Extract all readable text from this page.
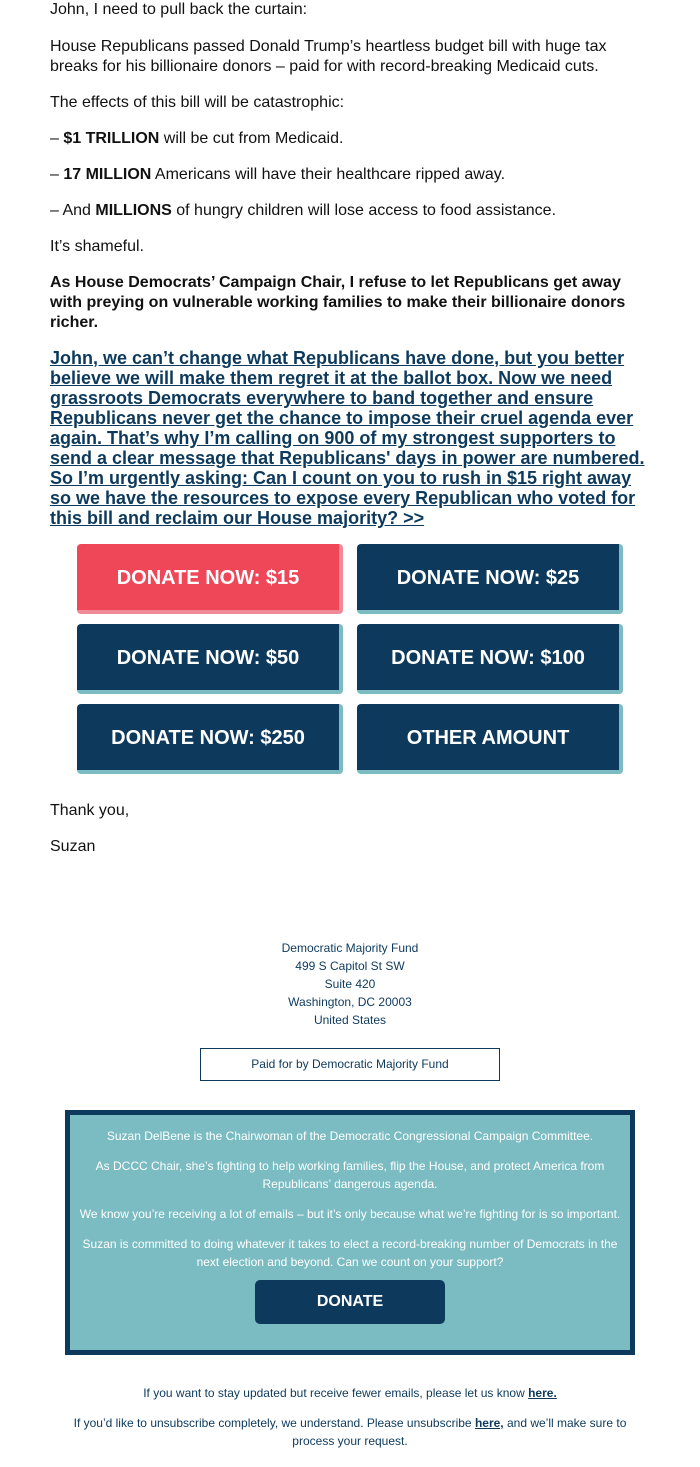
John, I need to pull back the curtain:

House Republicans passed Donald Trump’s heartless budget bill with huge tax breaks for his billionaire donors – paid for with record-breaking Medicaid cuts.

The effects of this bill will be catastrophic:

– $1 TRILLION will be cut from Medicaid.

– 17 MILLION Americans will have their healthcare ripped away.

– And MILLIONS of hungry children will lose access to food assistance.

It’s shameful.

As House Democrats’ Campaign Chair, I refuse to let Republicans get away with preying on vulnerable working families to make their billionaire donors richer.

John, we can’t change what Republicans have done, but you better believe we will make them regret it at the ballot box. Now we need grassroots Democrats everywhere to band together and ensure Republicans never get the chance to impose their cruel agenda ever again. That’s why I’m calling on 900 of my strongest supporters to send a clear message that Republicans' days in power are numbered. So I’m urgently asking: Can I count on you to rush in $15 right away so we have the resources to expose every Republican who voted for this bill and reclaim our House majority? >>
DONATE NOW: $15	DONATE NOW: $25
DONATE NOW: $50	DONATE NOW: $100
DONATE NOW: $250	OTHER AMOUNT

Thank you,

Suzan

Democratic Majority Fund

499 S Capitol St SW

Suite 420

Washington, DC 20003

United States

Paid for by Democratic Majority Fund

Suzan DelBene is the Chairwoman of the Democratic Congressional Campaign Committee.

As DCCC Chair, she’s fighting to help working families, flip the House, and protect America from Republicans’ dangerous agenda.

We know you’re receiving a lot of emails – but it’s only because what we’re fighting for is so important.

Suzan is committed to doing whatever it takes to elect a record-breaking number of Democrats in the next election and beyond. Can we count on your support?

DONATE

If you want to stay updated but receive fewer emails, please let us know here.

If you’d like to unsubscribe completely, we understand. Please unsubscribe here, and we’ll make sure to process your request.
